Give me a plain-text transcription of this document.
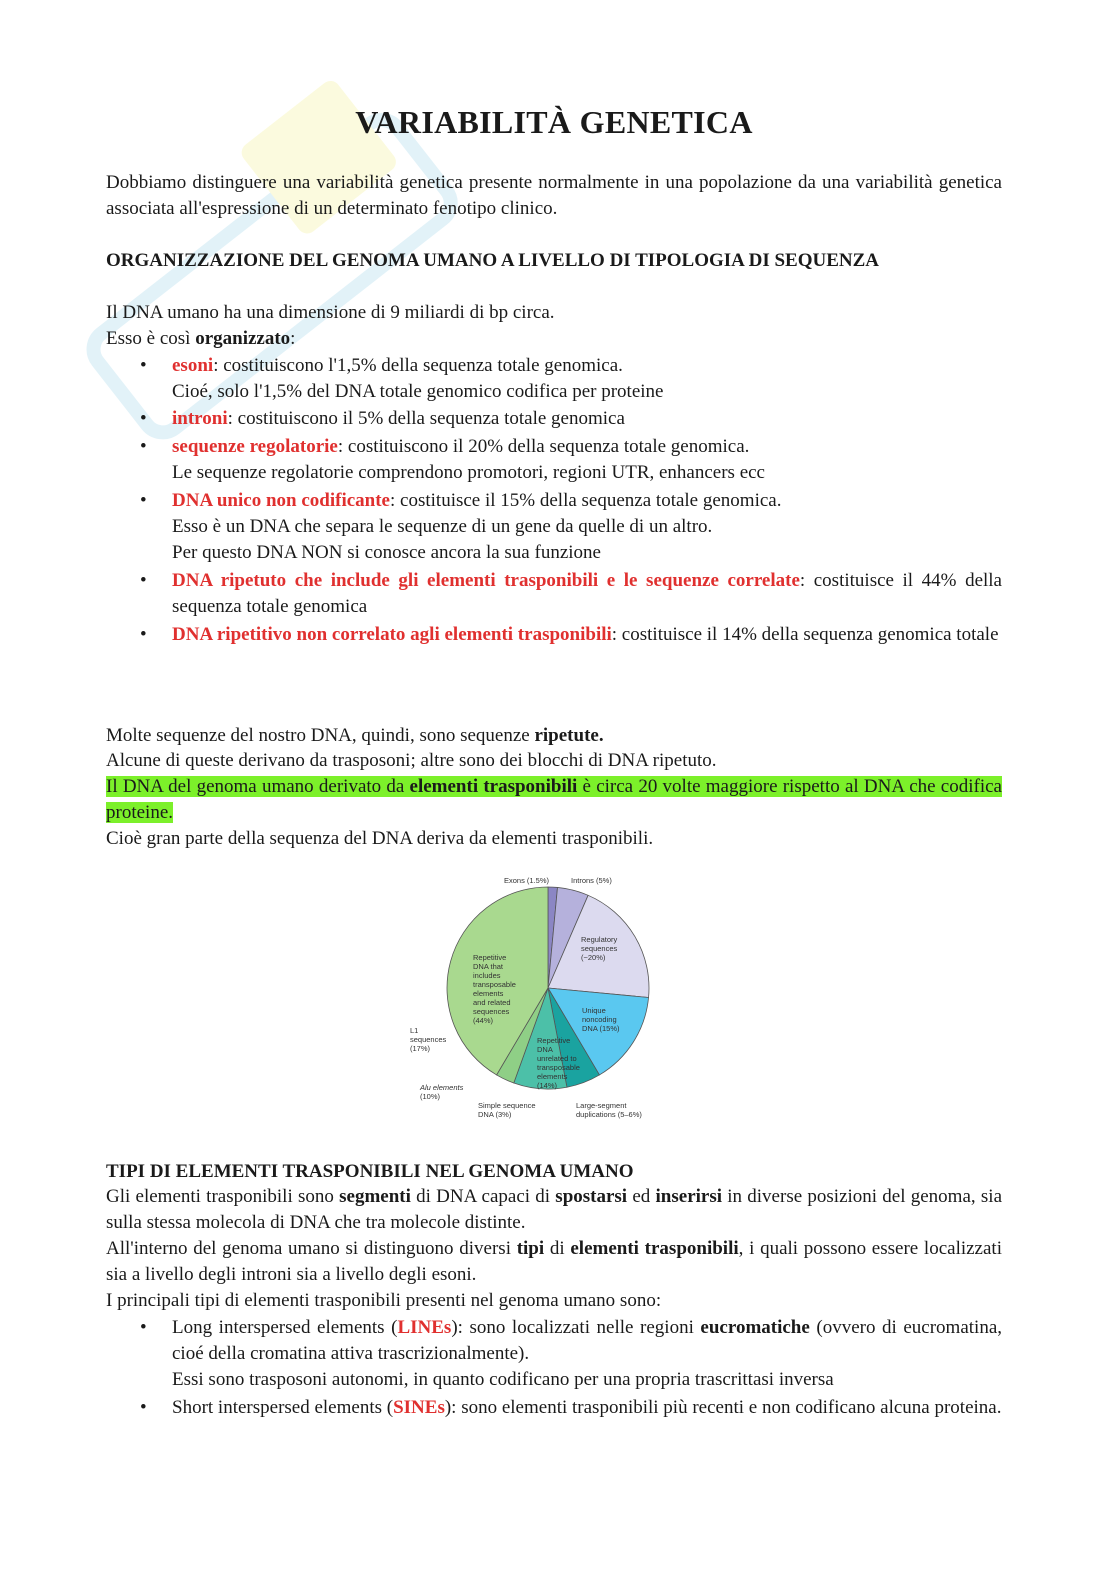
VARIABILITÀ GENETICA

Dobbiamo distinguere una variabilità genetica presente normalmente in una popolazione da una variabilità genetica associata all'espressione di un determinato fenotipo clinico.

ORGANIZZAZIONE DEL GENOMA UMANO A LIVELLO DI TIPOLOGIA DI SEQUENZA

Il DNA umano ha una dimensione di 9 miliardi di bp circa.

Esso è così organizzato:

• esoni: costituiscono l'1,5% della sequenza totale genomica.
Cioé, solo l'1,5% del DNA totale genomico codifica per proteine
• introni: costituiscono il 5% della sequenza totale genomica
• sequenze regolatorie: costituiscono il 20% della sequenza totale genomica.
Le sequenze regolatorie comprendono promotori, regioni UTR, enhancers ecc
• DNA unico non codificante: costituisce il 15% della sequenza totale genomica.
Esso è un DNA che separa le sequenze di un gene da quelle di un altro.
Per questo DNA NON si conosce ancora la sua funzione
• DNA ripetuto che include gli elementi trasponibili e le sequenze correlate: costituisce il 44% della sequenza totale genomica
• DNA ripetitivo non correlato agli elementi trasponibili: costituisce il 14% della sequenza genomica totale

Molte sequenze del nostro DNA, quindi, sono sequenze ripetute.

Alcune di queste derivano da trasposoni; altre sono dei blocchi di DNA ripetuto.

Il DNA del genoma umano derivato da elementi trasponibili è circa 20 volte maggiore rispetto al DNA che codifica proteine.

Cioè gran parte della sequenza del DNA deriva da elementi trasponibili.

Exons (1.5%)	Introns (5%)
Regulatory
sequences
(~20%)
Unique
noncoding
DNA (15%)
Repetitive
DNA that
includes
transposable
elements
and related
sequences
(44%)
Repetitive
DNA
unrelated to
transposable
elements
(14%)
L1
sequences
(17%)
Alu elements
(10%)
Simple sequence
DNA (3%)
Large-segment
duplications (5–6%)

TIPI DI ELEMENTI TRASPONIBILI NEL GENOMA UMANO

Gli elementi trasponibili sono segmenti di DNA capaci di spostarsi ed inserirsi in diverse posizioni del genoma, sia sulla stessa molecola di DNA che tra molecole distinte.

All'interno del genoma umano si distinguono diversi tipi di elementi trasponibili, i quali possono essere localizzati sia a livello degli introni sia a livello degli esoni.

I principali tipi di elementi trasponibili presenti nel genoma umano sono:

• Long interspersed elements (LINEs): sono localizzati nelle regioni eucromatiche (ovvero di eucromatina, cioé della cromatina attiva trascrizionalmente).
Essi sono trasposoni autonomi, in quanto codificano per una propria trascrittasi inversa
• Short interspersed elements (SINEs): sono elementi trasponibili più recenti e non codificano alcuna proteina.
